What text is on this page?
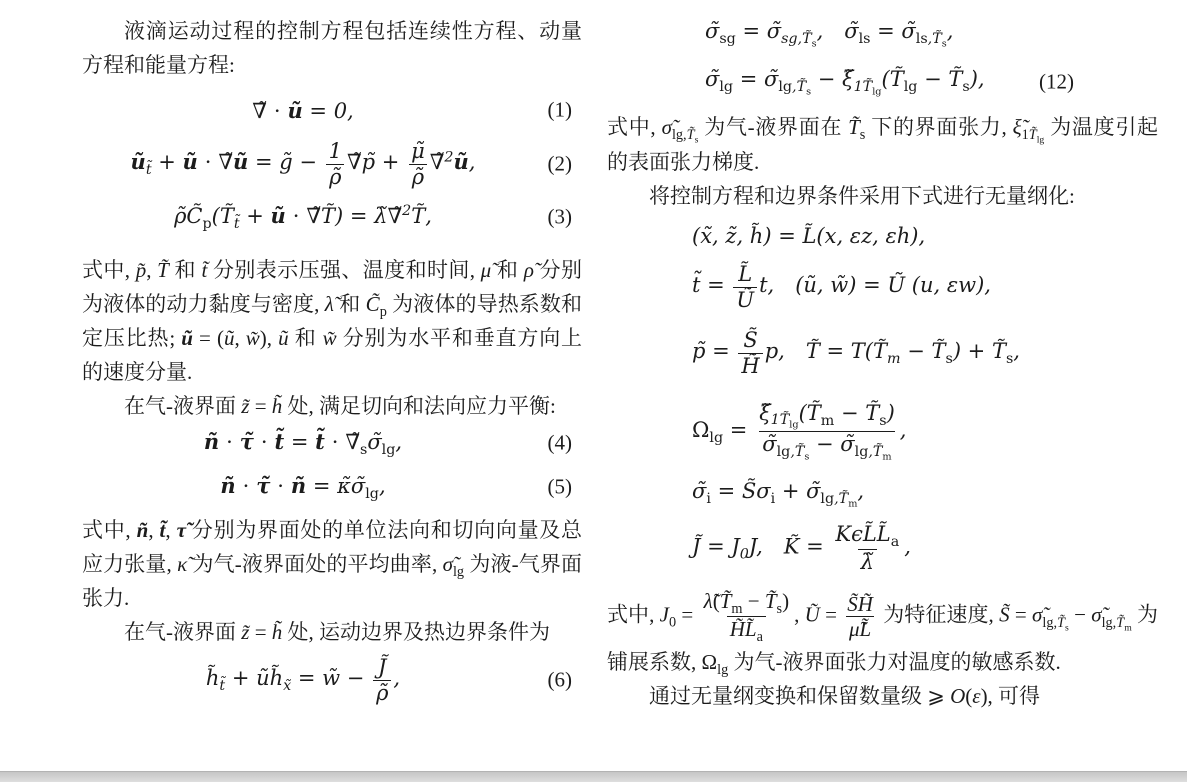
液滴运动过程的控制方程包括连续性方程、动量方程和能量方程:

∇̃ ⋅ ũ = 0,	(1)
$ũ_{t̃}$ + ũ ⋅ ∇̃ũ = g̃ − $\frac{1}{\rhõ}$ ∇̃p̃ + $\frac{\mũ}{\rhõ}$ ∇̃$^2$ũ,	(2)
$\rhõC̃_p(T̃_{t̃}$ + ũ ⋅ ∇̃T̃) = λ̃∇̃$^2$T̃,	(3)

式中, p̃, T̃ 和 t̃ 分别表示压强、温度和时间, μ̃ 和 ρ̃ 分别为液体的动力黏度与密度, λ̃ 和 $C̃_p$ 为液体的导热系数和定压比热; ũ = (ũ, w̃), ũ 和 w̃ 分别为水平和垂直方向上的速度分量.

在气-液界面 z̃ = h̃ 处, 满足切向和法向应力平衡:

ñ ⋅ τ̃ ⋅ t̃ = t̃ ⋅ $\nablã_s\sigmã_{lg}$,	(4)
ñ ⋅ τ̃ ⋅ ñ = $\kappã\sigmã_{lg}$,	(5)

式中, ñ, t̃, τ̃ 分别为界面处的单位法向和切向向量及总应力张量, κ̃ 为气-液界面处的平均曲率, $\sigmã_{lg}$ 为液-气界面张力.

在气-液界面 z̃ = h̃ 处, 运动边界及热边界条件为

$h̃_{t̃}$ + $ũh̃_{x̃}$ = w̃ − $\frac{J̃}{\rhõ}$ ,	(6)
$\sigmã_{sg}$ = $\sigmã_{sg,T̃_s}$, $\sigmã_{ls}$ = $\sigmã_{ls,T̃_s}$,
$\sigmã_{lg}$ = $\sigmã_{lg,T̃_s}$ − $\xĩ_{1T̃_{lg}}(T̃_{lg}$ − $T̃_s$),	(12)

式中, $\sigmã_{lg,T̃_s}$ 为气-液界面在 $T̃_s$ 下的界面张力, $\xĩ_{1T̃_{lg}}$ 为温度引起的表面张力梯度.

将控制方程和边界条件采用下式进行无量纲化:

(x̃, z̃, h̃) = L̃(x, εz, εh),
t̃ = $\frac{L̃}{Ũ} t$, (ũ, w̃) = Ũ (u, εw),
p̃ = $\frac{S̃}{H̃} p$, T̃ = $T(T̃_m$ − $T̃_s$) + $T̃_s$,
$\Omega_{lg} = \frac{\xĩ_{1T̃_{lg}}(T̃_m - T̃_s)}{\sigmã_{lg,T̃_s} - \sigmã_{lg,T̃_m}}$ ,
$\sigmã_i$ = $S̃\sigma_i$ + $\sigmã_{lg,T̃_m}$,
J̃ = $J_0J$, K̃ = $\frac{K\epsilon L̃L̃_a}{\lambdã}$ ,

式中, $J_0 = \frac{\lambdã(T̃_m - T̃_s)}{H̃L̃_a}$ , Ũ = $\frac{S̃H̃}{\mũL̃}$ 为特征速度, S̃ = $\sigmã_{lg,T̃_s}$ − $\sigmã_{lg,T̃_m}$ 为铺展系数, $\Omega_{lg}$ 为气-液界面张力对温度的敏感系数.

通过无量纲变换和保留数量级 ⩾ O(ε), 可得
